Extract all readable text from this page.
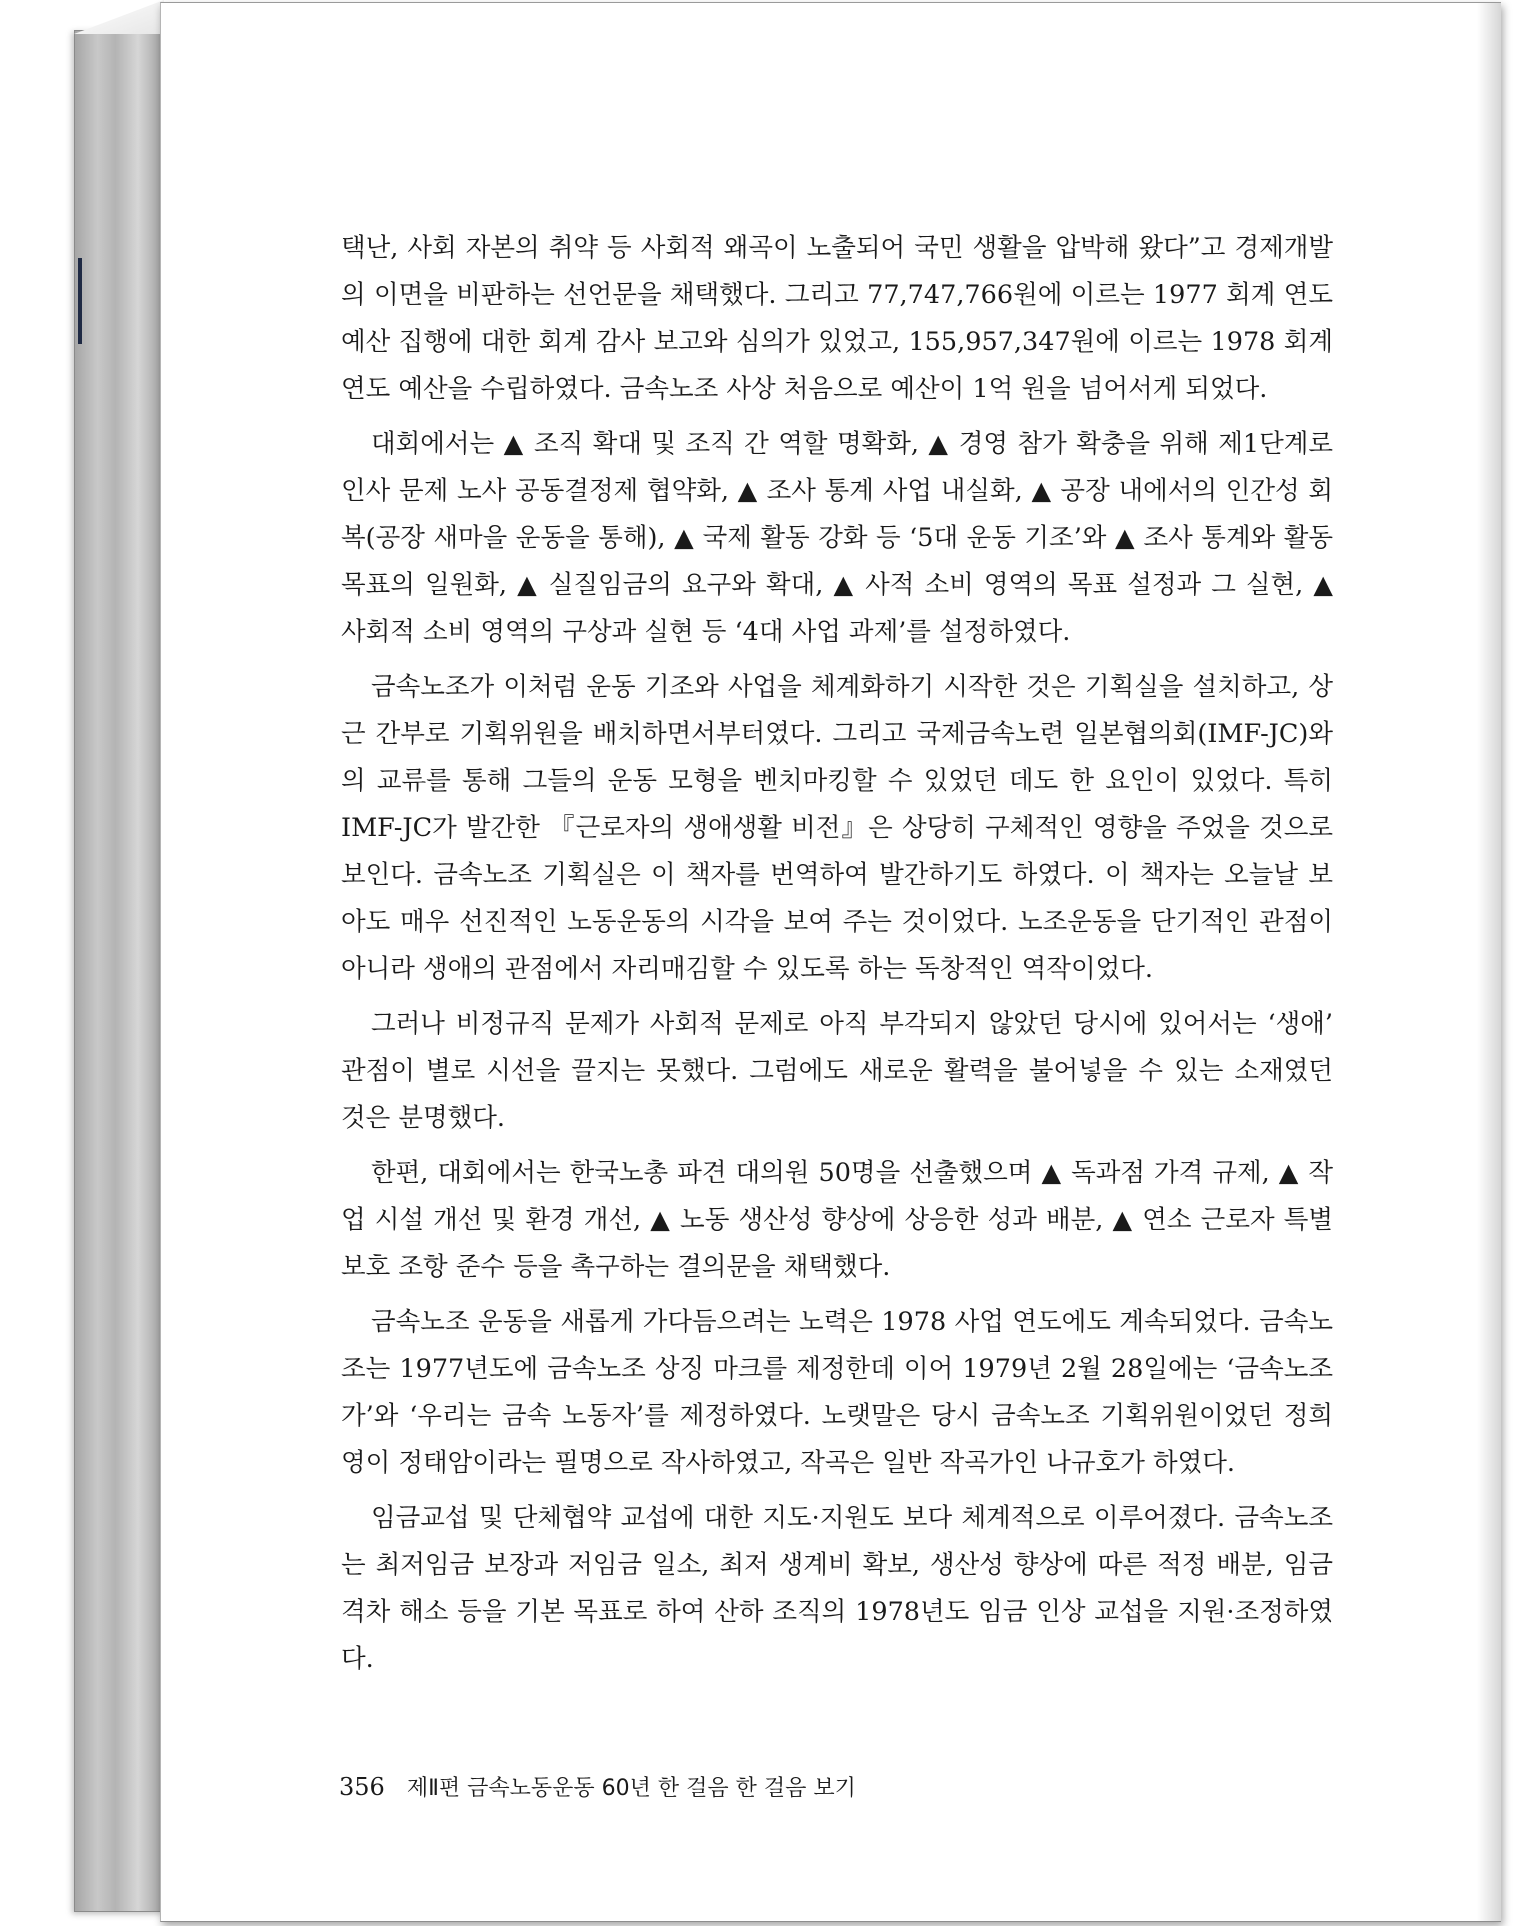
택난, 사회 자본의 취약 등 사회적 왜곡이 노출되어 국민 생활을 압박해 왔다”고 경제개발의 이면을 비판하는 선언문을 채택했다. 그리고 77,747,766원에 이르는 1977 회계 연도 예산 집행에 대한 회계 감사 보고와 심의가 있었고, 155,957,347원에 이르는 1978 회계 연도 예산을 수립하였다. 금속노조 사상 처음으로 예산이 1억 원을 넘어서게 되었다.

대회에서는 ▲ 조직 확대 및 조직 간 역할 명확화, ▲ 경영 참가 확충을 위해 제1단계로 인사 문제 노사 공동결정제 협약화, ▲ 조사 통계 사업 내실화, ▲ 공장 내에서의 인간성 회복(공장 새마을 운동을 통해), ▲ 국제 활동 강화 등 ‘5대 운동 기조’와 ▲ 조사 통계와 활동 목표의 일원화, ▲ 실질임금의 요구와 확대, ▲ 사적 소비 영역의 목표 설정과 그 실현, ▲ 사회적 소비 영역의 구상과 실현 등 ‘4대 사업 과제’를 설정하였다.

금속노조가 이처럼 운동 기조와 사업을 체계화하기 시작한 것은 기획실을 설치하고, 상근 간부로 기획위원을 배치하면서부터였다. 그리고 국제금속노련 일본협의회(IMF-JC)와의 교류를 통해 그들의 운동 모형을 벤치마킹할 수 있었던 데도 한 요인이 있었다. 특히 IMF-JC가 발간한 『근로자의 생애생활 비전』은 상당히 구체적인 영향을 주었을 것으로 보인다. 금속노조 기획실은 이 책자를 번역하여 발간하기도 하였다. 이 책자는 오늘날 보아도 매우 선진적인 노동운동의 시각을 보여 주는 것이었다. 노조운동을 단기적인 관점이 아니라 생애의 관점에서 자리매김할 수 있도록 하는 독창적인 역작이었다.

그러나 비정규직 문제가 사회적 문제로 아직 부각되지 않았던 당시에 있어서는 ‘생애’ 관점이 별로 시선을 끌지는 못했다. 그럼에도 새로운 활력을 불어넣을 수 있는 소재였던 것은 분명했다.

한편, 대회에서는 한국노총 파견 대의원 50명을 선출했으며 ▲ 독과점 가격 규제, ▲ 작업 시설 개선 및 환경 개선, ▲ 노동 생산성 향상에 상응한 성과 배분, ▲ 연소 근로자 특별 보호 조항 준수 등을 촉구하는 결의문을 채택했다.

금속노조 운동을 새롭게 가다듬으려는 노력은 1978 사업 연도에도 계속되었다. 금속노조는 1977년도에 금속노조 상징 마크를 제정한데 이어 1979년 2월 28일에는 ‘금속노조가’와 ‘우리는 금속 노동자’를 제정하였다. 노랫말은 당시 금속노조 기획위원이었던 정희영이 정태암이라는 필명으로 작사하였고, 작곡은 일반 작곡가인 나규호가 하였다.

임금교섭 및 단체협약 교섭에 대한 지도·지원도 보다 체계적으로 이루어졌다. 금속노조는 최저임금 보장과 저임금 일소, 최저 생계비 확보, 생산성 향상에 따른 적정 배분, 임금 격차 해소 등을 기본 목표로 하여 산하 조직의 1978년도 임금 인상 교섭을 지원·조정하였다.

356 제Ⅱ편 금속노동운동 60년 한 걸음 한 걸음 보기
